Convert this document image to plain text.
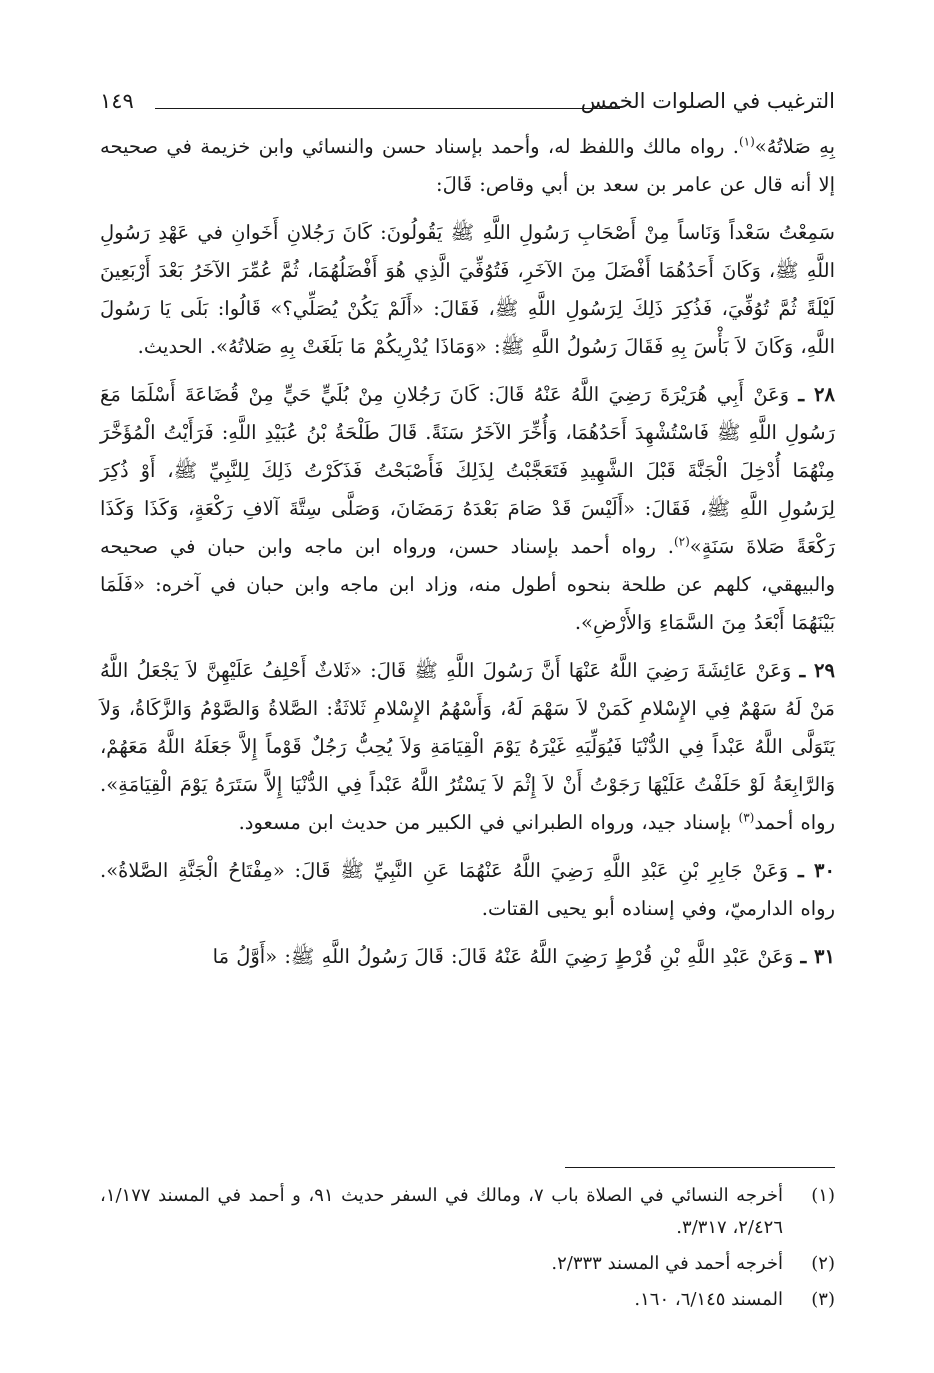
الترغيب في الصلوات الخمس
١٤٩

بِهِ صَلاتُهُ»$^{(١)}$. رواه مالك واللفظ له، وأحمد بإسناد حسن والنسائي وابن خزيمة في صحيحه إلا أنه قال عن عامر بن سعد بن أبي وقاص: قَالَ:

سَمِعْتُ سَعْداً وَنَاساً مِنْ أَصْحَابِ رَسُولِ اللَّهِ ﷺ يَقُولُونَ: كَانَ رَجُلانِ أَخَوانِ في عَهْدِ رَسُولِ اللَّهِ ﷺ، وَكَانَ أَحَدُهُمَا أَفْضَلَ مِنَ الآخَرِ، فَتُوُفِّيَ الَّذِي هُوَ أَفْضَلُهُمَا، ثُمَّ عُمِّرَ الآخَرُ بَعْدَ أَرْبَعِينَ لَيْلَةً ثُمَّ تُوُفِّيَ، فَذُكِرَ ذَلِكَ لِرَسُولِ اللَّهِ ﷺ، فَقَالَ: «أَلَمْ يَكُنْ يُصَلِّي؟» قَالُوا: بَلَى يَا رَسُولَ اللَّهِ، وَكَانَ لاَ بَأْسَ بِهِ فَقَالَ رَسُولُ اللَّهِ ﷺ: «وَمَاذَا يُدْرِيكُمْ مَا بَلَغَتْ بِهِ صَلاتُهُ». الحديث.

٢٨ ـ وَعَنْ أَبِي هُرَيْرَةَ رَضِيَ اللَّهُ عَنْهُ قَالَ: كَانَ رَجُلانِ مِنْ بُلَيٍّ حَيٍّ مِنْ قُضَاعَةَ أَسْلَمَا مَعَ رَسُولِ اللَّهِ ﷺ فَاسْتُشْهِدَ أَحَدُهُمَا، وَأُخِّرَ الآخَرُ سَنَةً. قَالَ طَلْحَةُ بْنُ عُبَيْدِ اللَّهِ: فَرَأَيْتُ الْمُؤَخَّرَ مِنْهُمَا أُدْخِلَ الْجَنَّةَ قَبْلَ الشَّهِيدِ فَتَعَجَّبْتُ لِذَلِكَ فَأَصْبَحْتُ فَذَكَرْتُ ذَلِكَ لِلنَّبِيِّ ﷺ، أَوْ ذُكِرَ لِرَسُولِ اللَّهِ ﷺ، فَقَالَ: «أَلَيْسَ قَدْ صَامَ بَعْدَهُ رَمَضَانَ، وَصَلَّى سِتَّةَ آلافِ رَكْعَةٍ، وَكَذَا وَكَذَا رَكْعَةً صَلاةَ سَنَةٍ»$^{(٢)}$. رواه أحمد بإسناد حسن، ورواه ابن ماجه وابن حبان في صحيحه والبيهقي، كلهم عن طلحة بنحوه أطول منه، وزاد ابن ماجه وابن حبان في آخره: «فَلَمَا بَيْنَهُمَا أَبْعَدُ مِنَ السَّمَاءِ وَالأَرْضِ».

٢٩ ـ وَعَنْ عَائِشَةَ رَضِيَ اللَّهُ عَنْهَا أَنَّ رَسُولَ اللَّهِ ﷺ قَالَ: «ثَلاثٌ أَحْلِفُ عَلَيْهِنَّ لاَ يَجْعَلُ اللَّهُ مَنْ لَهُ سَهْمٌ فِي الإِسْلامِ كَمَنْ لاَ سَهْمَ لَهُ، وَأَسْهُمُ الإِسْلامِ ثَلاثَةٌ: الصَّلاةُ وَالصَّوْمُ وَالزَّكَاةُ، وَلاَ يَتَوَلَّى اللَّهُ عَبْداً فِي الدُّنْيَا فَيُوَلِّيَهِ غَيْرَهُ يَوْمَ الْقِيَامَةِ وَلاَ يُحِبُّ رَجُلٌ قَوْماً إِلاَّ جَعَلَهُ اللَّهُ مَعَهُمْ، وَالرَّابِعَةُ لَوْ حَلَفْتُ عَلَيْهَا رَجَوْتُ أَنْ لاَ إِثْمَ لاَ يَسْتُرُ اللَّهُ عَبْداً فِي الدُّنْيَا إِلاَّ سَتَرَهُ يَوْمَ الْقِيَامَةِ». رواه أحمد$^{(٣)}$ بإسناد جيد، ورواه الطبراني في الكبير من حديث ابن مسعود.

٣٠ ـ وَعَنْ جَابِرِ بْنِ عَبْدِ اللَّهِ رَضِيَ اللَّهُ عَنْهُمَا عَنِ النَّبِيِّ ﷺ قَالَ: «مِفْتَاحُ الْجَنَّةِ الصَّلاةُ». رواه الدارميّ، وفي إسناده أبو يحيى القتات.

٣١ ـ وَعَنْ عَبْدِ اللَّهِ بْنِ قُرْطٍ رَضِيَ اللَّهُ عَنْهُ قَالَ: قَالَ رَسُولُ اللَّهِ ﷺ: «أَوَّلُ مَا

(١)
أخرجه النسائي في الصلاة باب ٧، ومالك في السفر حديث ٩١، و أحمد في المسند ١/١٧٧، ٢/٤٢٦، ٣/٣١٧.
(٢)
أخرجه أحمد في المسند ٢/٣٣٣.
(٣)
المسند ٦/١٤٥، ١٦٠.
